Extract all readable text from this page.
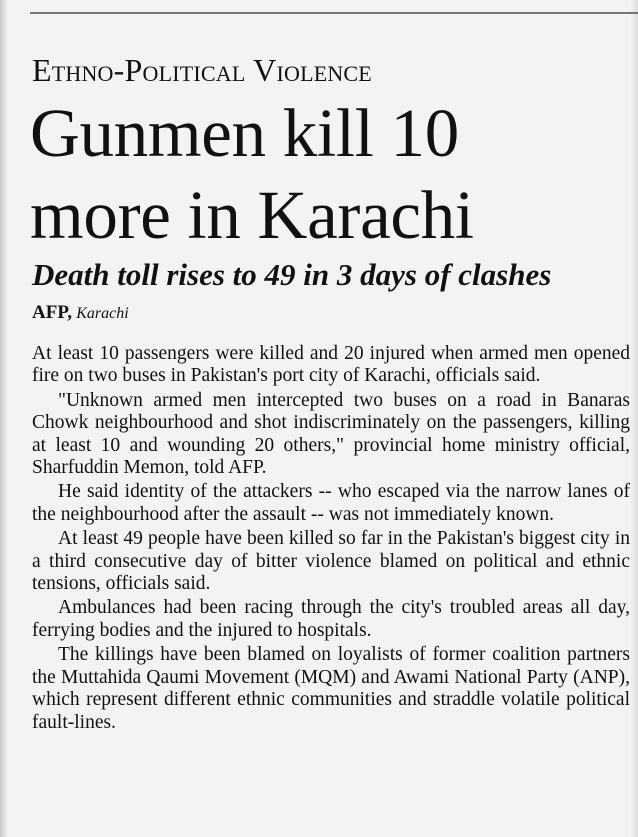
Ethno-Political Violence
Gunmen kill 10
more in Karachi
Death toll rises to 49 in 3 days of clashes
AFP, Karachi

At least 10 passengers were killed and 20 injured when armed men opened fire on two buses in Pakistan's port city of Karachi, officials said.

"Unknown armed men intercepted two buses on a road in Banaras Chowk neighbourhood and shot indiscriminately on the passengers, killing at least 10 and wounding 20 others," provincial home ministry official, Sharfuddin Memon, told AFP.

He said identity of the attackers -- who escaped via the narrow lanes of the neighbourhood after the assault -- was not immediately known.

At least 49 people have been killed so far in the Pakistan's biggest city in a third consecutive day of bitter violence blamed on political and ethnic tensions, officials said.

Ambulances had been racing through the city's troubled areas all day, ferrying bodies and the injured to hospitals.

The killings have been blamed on loyalists of former coalition partners the Muttahida Qaumi Movement (MQM) and Awami National Party (ANP), which represent different ethnic communities and straddle volatile political fault-lines.
